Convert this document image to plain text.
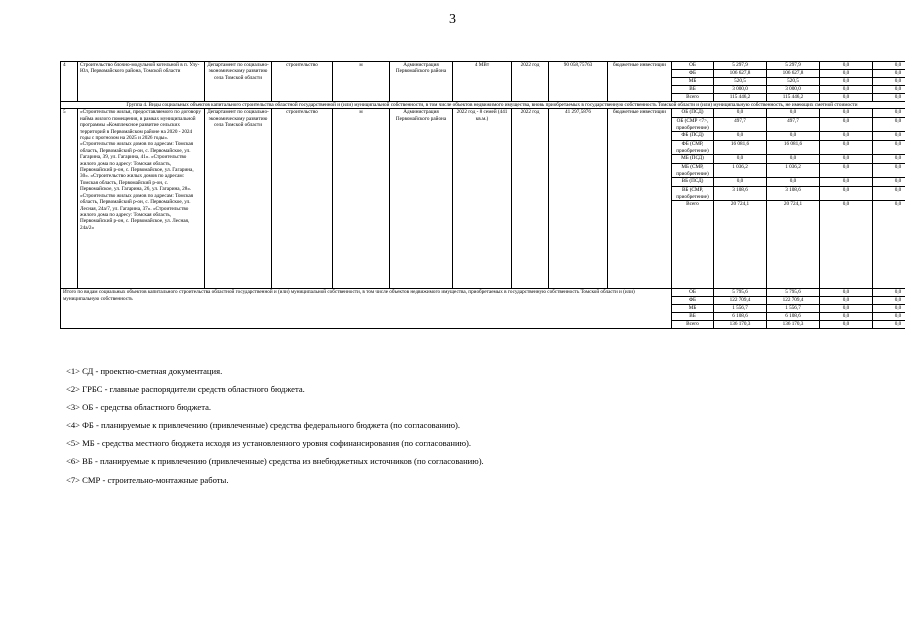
3
4	Строительство блочно-модульной котельной в п. Улу-Юл, Первомайского района, Томской области	Департамент по социально-экономическому развитию села Томской области	строительство	м	Администрация Первомайского района	4 МВт	2022 год	90 058,75763	бюджетные инвестиции	ОБ	5 297,9	5 297,9	0,0	0,0
										ФБ	106 627,8	106 627,8	0,0	0,0
										МБ	520,5	520,5	0,0	0,0
										ВБ	3 000,0	3 000,0	0,0	0,0
										Всего	115 446,2	115 446,2	0,0	0,0
Группа 4. Виды социальных объектов капитального строительства областной государственной и (или) муниципальной собственности, в том числе объектов недвижимого имущества, вновь приобретаемых в государственную собственность Томской области и (или) муниципальную собственность, не имеющих сметной стоимости														
5	«Строительство жилья, предоставляемого по договору найма жилого помещения, в рамках муниципальной программы «Комплексное развитие сельских территорий в Первомайском районе на 2020 - 2024 годы с прогнозом на 2025 и 2026 годы». «Строительство жилых домов по адресам: Томская область, Первомайский р-он, с. Первомайское, ул. Гагарина, 39, ул. Гагарина, 41». «Строительство жилого дома по адресу: Томская область, Первомайский р-он, с. Первомайское, ул. Гагарина, 30». «Строительство жилых домов по адресам: Томская область, Первомайский р-он, с. Первомайское, ул. Гагарина, 26, ул. Гагарина, 28». «Строительство жилых домов по адресам: Томская область, Первомайский р-он, с. Первомайское, ул. Лесная, 24а/7, ул. Гагарина, 37». «Строительство жилого дома по адресу: Томская область, Первомайский р-он, с. Первомайское, ул. Лесная, 24а/2»	Департамент по социально-экономическому развитию села Томской области	строительство	м	Администрация Первомайского района	2022 год - 8 семей (441 кв.м.)	2022 год	41 297,5876	бюджетные инвестиции	ОБ (ПСД)	0,0	0,0	0,0	0,0
										ОБ (СМР <7>, приобретение)	497,7	497,7	0,0	0,0
										ФБ (ПСД)	0,0	0,0	0,0	0,0
										ФБ (СМР, приобретение)	16 081,6	16 081,6	0,0	0,0
										МБ (ПСД)	0,0	0,0	0,0	0,0
										МБ (СМР, приобретение)	1 036,2	1 036,2	0,0	0,0
										ВБ (ПСД)	0,0	0,0	0,0	0,0
										ВБ (СМР, приобретение)	3 108,6	3 108,6	0,0	0,0
										Всего	20 724,1	20 724,1	0,0	0,0
Итого по видам социальных объектов капитального строительства областной государственной и (или) муниципальной собственности, в том числе объектов недвижимого имущества, приобретаемых в государственную собственность Томской области и (или) муниципальную собственность										ОБ	5 795,6	5 795,6	0,0	0,0
										ФБ	122 709,4	122 709,4	0,0	0,0
										МБ	1 556,7	1 556,7	0,0	0,0
										ВБ	6 108,6	6 108,6	0,0	0,0
										Всего	136 170,3	136 170,3	0,0	0,0
<1> СД - проектно-сметная документация.
<2> ГРБС - главные распорядители средств областного бюджета.
<3> ОБ - средства областного бюджета.
<4> ФБ - планируемые к привлечению (привлеченные) средства федерального бюджета (по согласованию).
<5> МБ - средства местного бюджета исходя из установленного уровня софинансирования (по согласованию).
<6> ВБ - планируемые к привлечению (привлеченные) средства из внебюджетных источников (по согласованию).
<7> СМР - строительно-монтажные работы.
